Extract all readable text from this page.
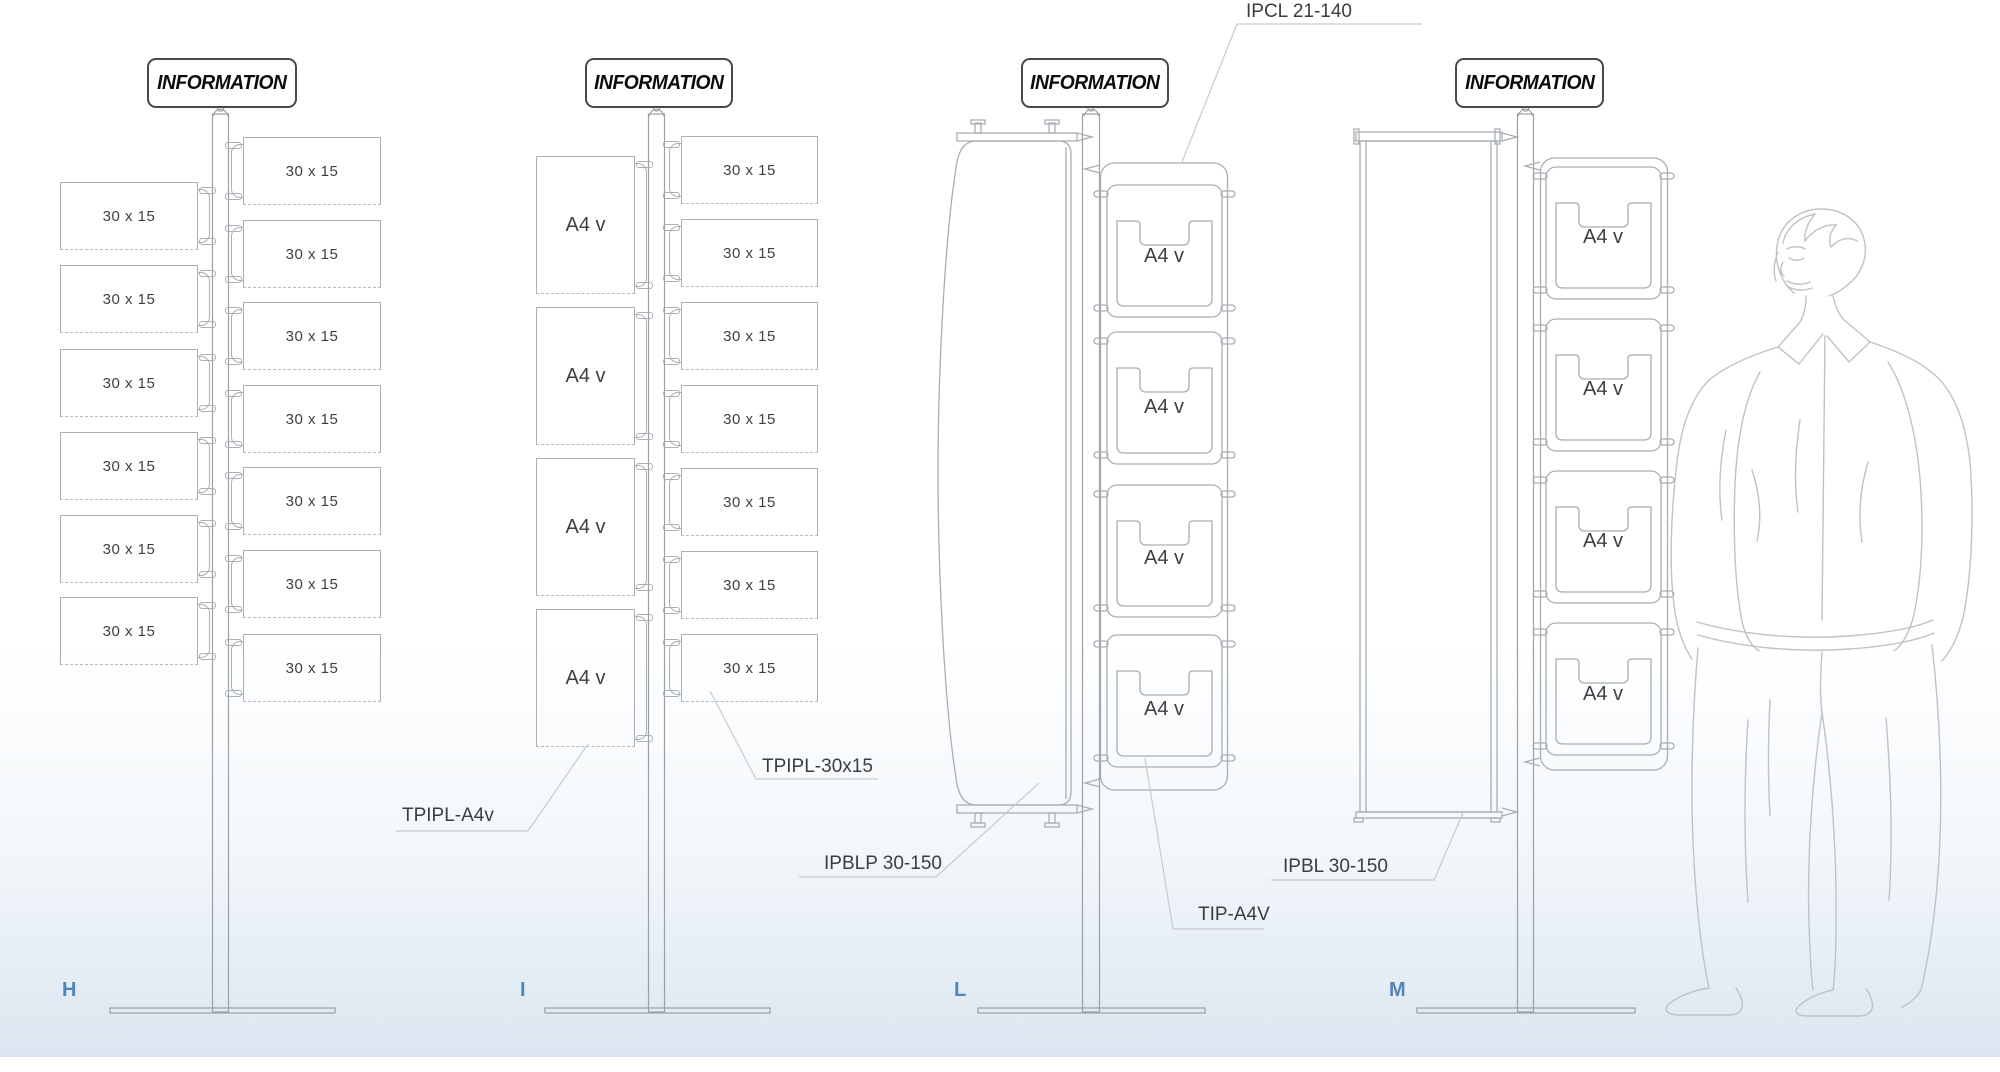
INFORMATION	INFORMATION	INFORMATION	INFORMATION
30 x 15
30 x 15
30 x 15
30 x 15
30 x 15
30 x 15
30 x 15
30 x 15
30 x 15
30 x 15
30 x 15
30 x 15
30 x 15
A4 v
A4 v
A4 v
A4 v
30 x 15
30 x 15
30 x 15
30 x 15
30 x 15
30 x 15
30 x 15
A4 v
A4 v
A4 v
A4 v
A4 v
A4 v
A4 v
A4 v
IPCL 21-140
TPIPL-A4v
TPIPL-30x15
IPBLP 30-150
TIP-A4V
IPBL 30-150
H	I	L	M
